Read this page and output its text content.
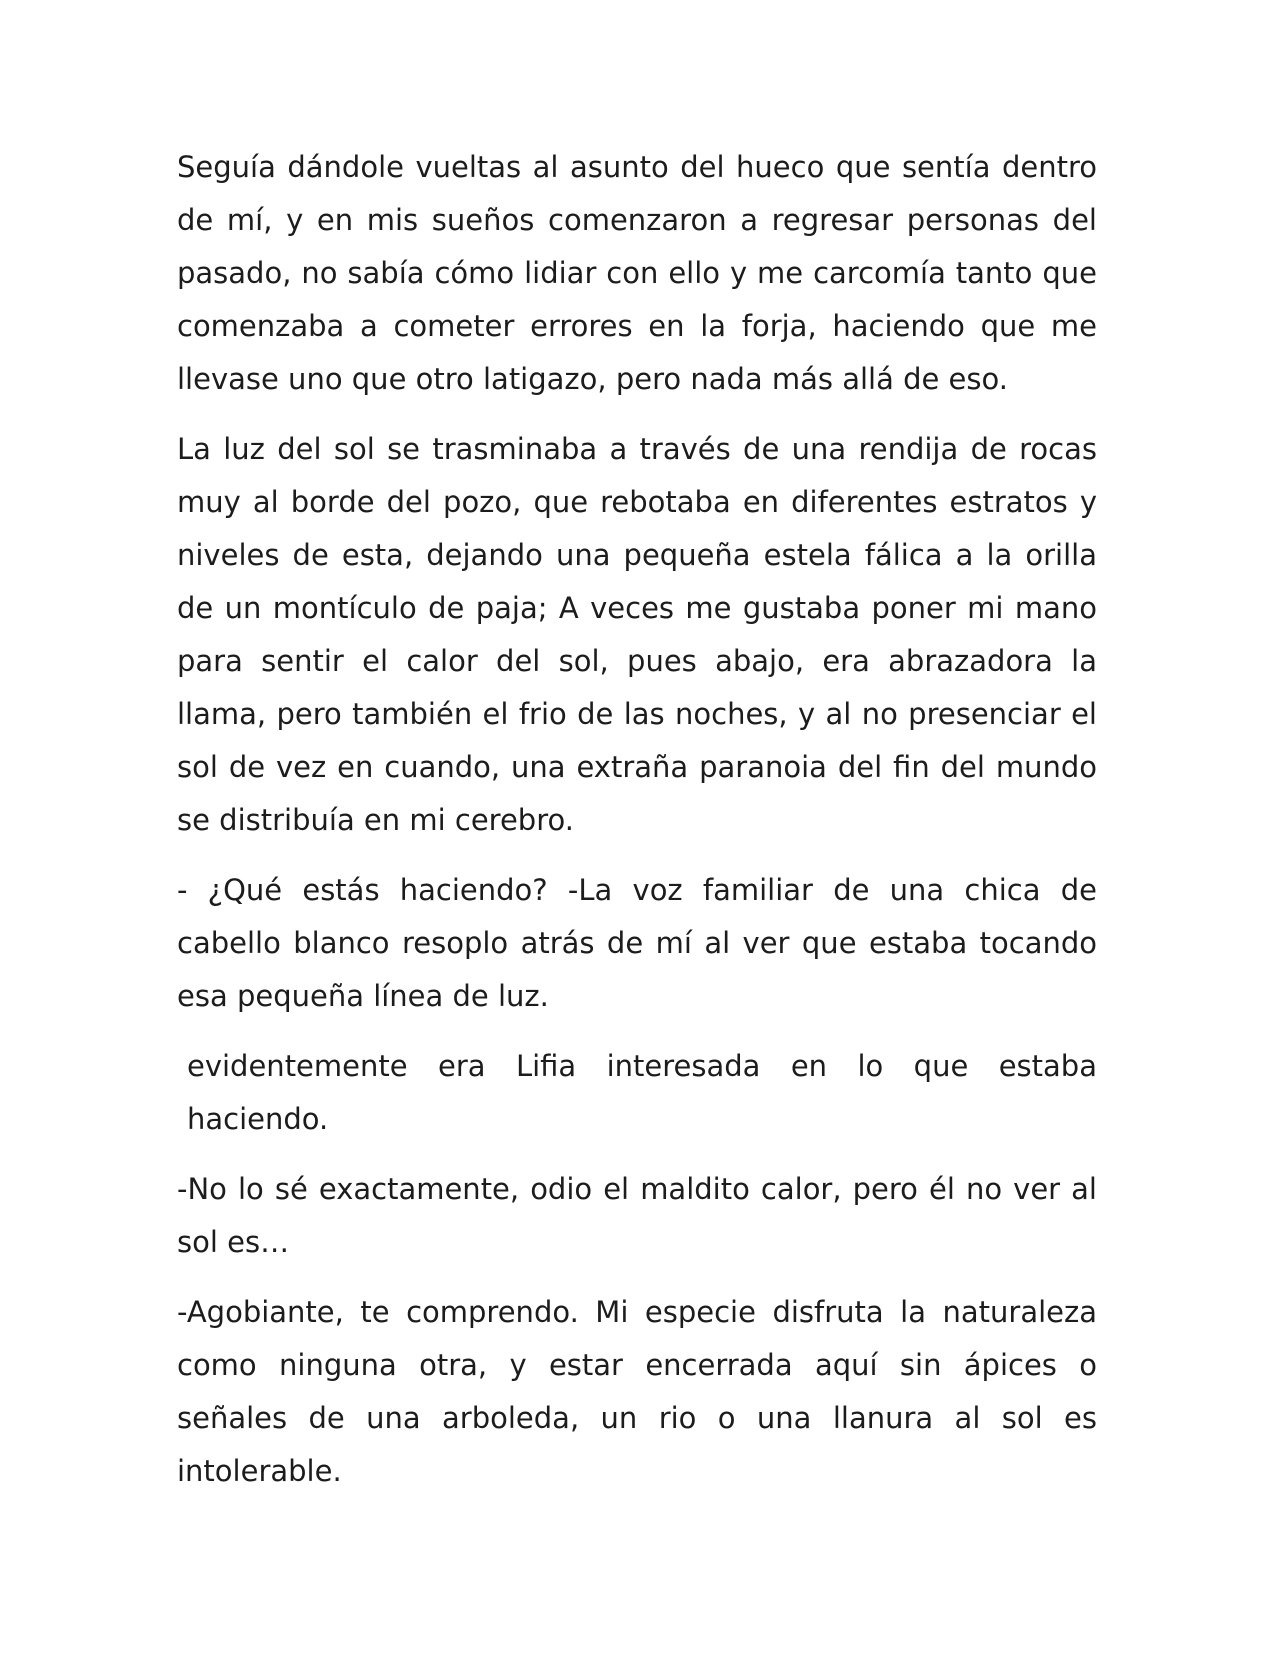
Seguía dándole vueltas al asunto del hueco que sentía dentro de mí, y en mis sueños comenzaron a regresar personas del pasado, no sabía cómo lidiar con ello y me carcomía tanto que comenzaba a cometer errores en la forja, haciendo que me llevase uno que otro latigazo, pero nada más allá de eso.

La luz del sol se trasminaba a través de una rendija de rocas muy al borde del pozo, que rebotaba en diferentes estratos y niveles de esta, dejando una pequeña estela fálica a la orilla de un montículo de paja; A veces me gustaba poner mi mano para sentir el calor del sol, pues abajo, era abrazadora la llama, pero también el frio de las noches, y al no presenciar el sol de vez en cuando, una extraña paranoia del fin del mundo se distribuía en mi cerebro.

- ¿Qué estás haciendo? -La voz familiar de una chica de cabello blanco resoplo atrás de mí al ver que estaba tocando esa pequeña línea de luz.

evidentemente era Lifia interesada en lo que estaba haciendo.

-No lo sé exactamente, odio el maldito calor, pero él no ver al sol es…

-Agobiante, te comprendo. Mi especie disfruta la naturaleza como ninguna otra, y estar encerrada aquí sin ápices o señales de una arboleda, un rio o una llanura al sol es intolerable.
